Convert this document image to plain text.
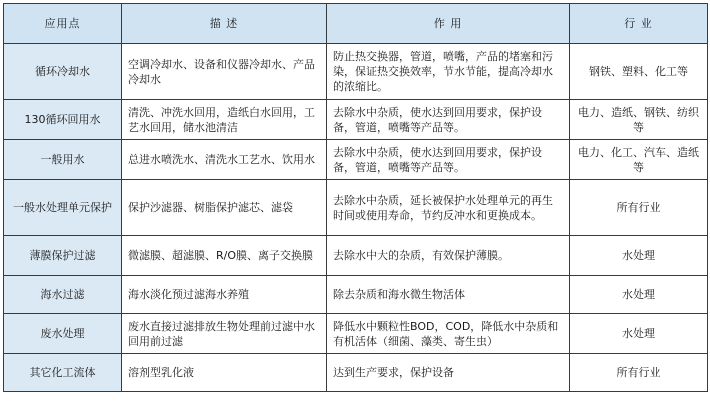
应用点	描 述	作 用	行 业
循环冷却水	空调冷却水、设备和仪器冷却水、产品冷却水	防止热交换器，管道，喷嘴，产品的堵塞和污染，保证热交换效率，节水节能，提高冷却水的浓缩比。	钢铁、塑料、化工等
130循环回用水	清洗、冲洗水回用，造纸白水回用，工艺水回用，储水池清洁	去除水中杂质，使水达到回用要求，保护设备，管道，喷嘴等产品等。	电力、造纸、钢铁、纺织等
一般用水	总进水喷洗水、清洗水工艺水、饮用水	去除水中杂质，使水达到回用要求，保护设备，管道，喷嘴等产品等。	电力、化工、汽车、造纸等
一般水处理单元保护	保护沙滤器、树脂保护滤芯、滤袋	去除水中杂质，延长被保护水处理单元的再生时间或使用寿命，节约反冲水和更换成本。	所有行业
薄膜保护过滤	微滤膜、超滤膜、R/O膜、离子交换膜	去除水中大的杂质，有效保护薄膜。	水处理
海水过滤	海水淡化预过滤海水养殖	除去杂质和海水微生物活体	水处理
废水处理	废水直接过滤排放生物处理前过滤中水回用前过滤	降低水中颗粒性BOD，COD，降低水中杂质和有机活体（细菌、藻类、寄生虫）	水处理
其它化工流体	溶剂型乳化液	达到生产要求，保护设备	所有行业
